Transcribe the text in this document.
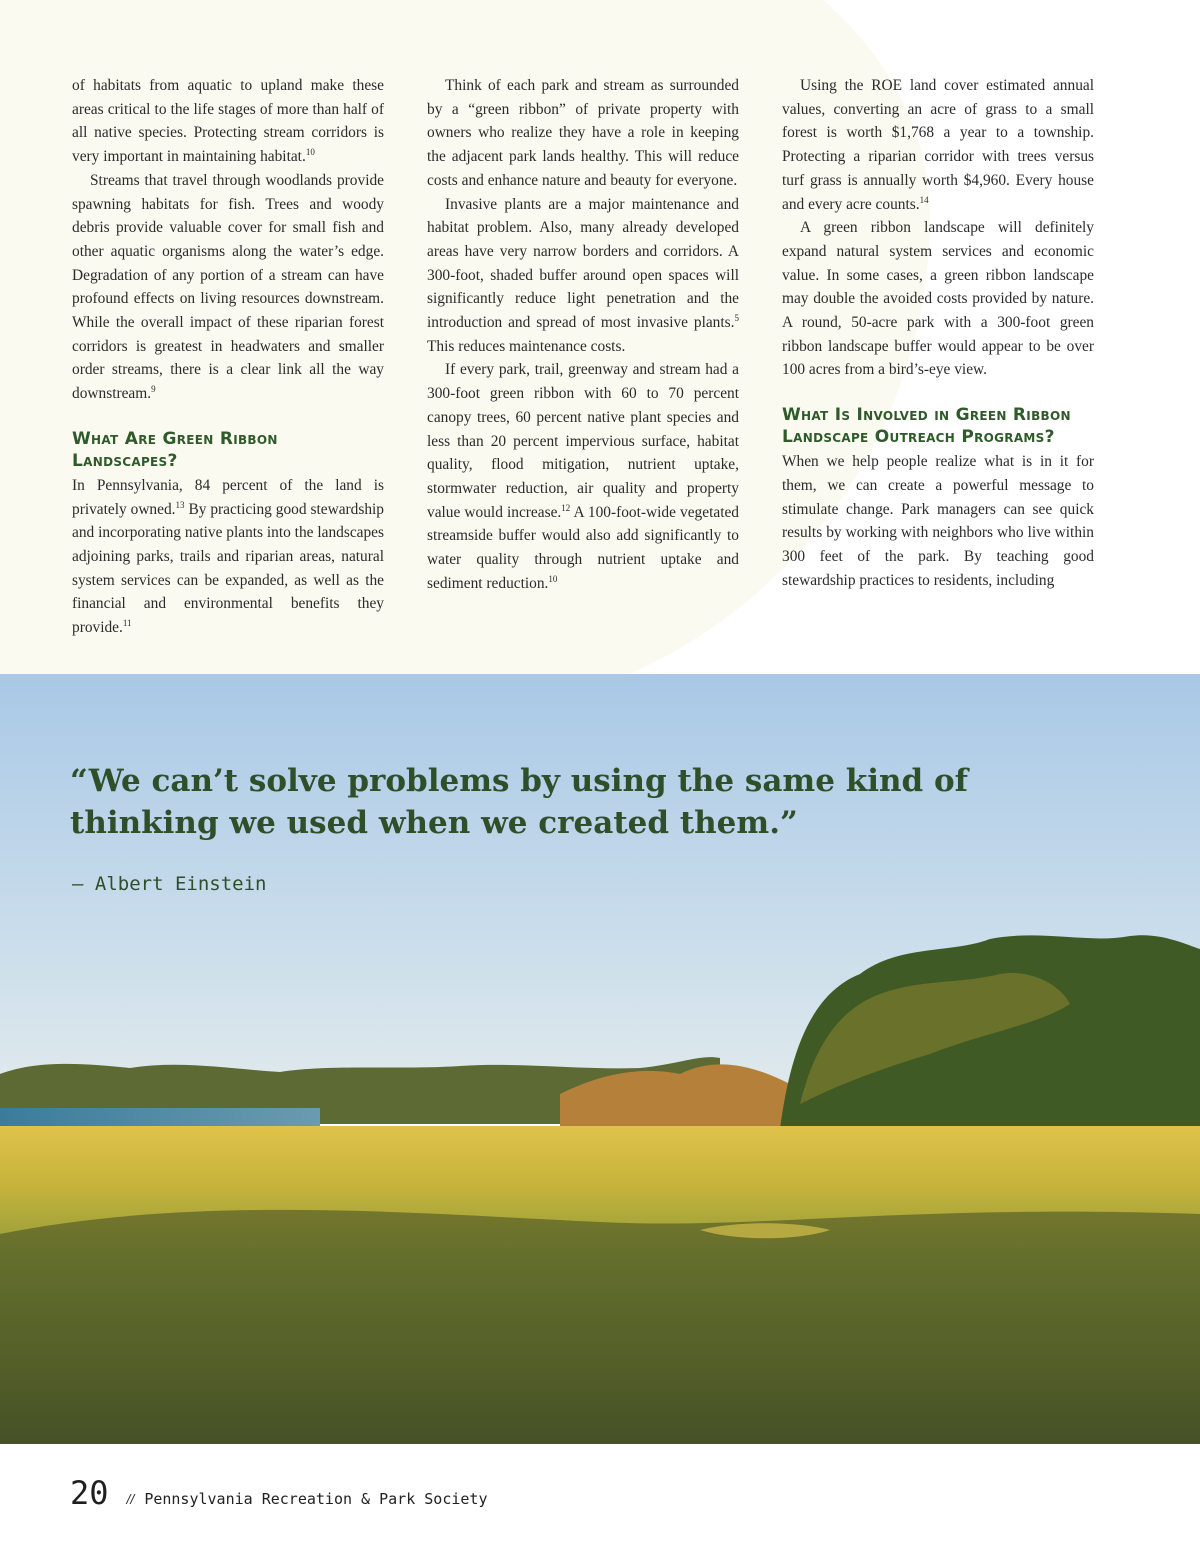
of habitats from aquatic to upland make these areas critical to the life stages of more than half of all native species. Protecting stream corridors is very important in maintaining habitat.$^{10}$

Streams that travel through woodlands provide spawning habitats for fish. Trees and woody debris provide valuable cover for small fish and other aquatic organisms along the water’s edge. Degradation of any portion of a stream can have profound effects on living resources downstream. While the overall impact of these riparian forest corridors is greatest in headwaters and smaller order streams, there is a clear link all the way downstream.$^9$

What Are Green Ribbon Landscapes?

In Pennsylvania, 84 percent of the land is privately owned.$^{13}$ By practicing good stewardship and incorporating native plants into the landscapes adjoining parks, trails and riparian areas, natural system services can be expanded, as well as the financial and environmental benefits they provide.$^{11}$

Think of each park and stream as surrounded by a “green ribbon” of private property with owners who realize they have a role in keeping the adjacent park lands healthy. This will reduce costs and enhance nature and beauty for everyone.

Invasive plants are a major maintenance and habitat problem. Also, many already developed areas have very narrow borders and corridors. A 300-foot, shaded buffer around open spaces will significantly reduce light penetration and the introduction and spread of most invasive plants.$^5$ This reduces maintenance costs.

If every park, trail, greenway and stream had a 300-foot green ribbon with 60 to 70 percent canopy trees, 60 percent native plant species and less than 20 percent impervious surface, habitat quality, flood mitigation, nutrient uptake, stormwater reduction, air quality and property value would increase.$^{12}$ A 100-foot-wide vegetated streamside buffer would also add significantly to water quality through nutrient uptake and sediment reduction.$^{10}$

Using the ROE land cover estimated annual values, converting an acre of grass to a small forest is worth $1,768 a year to a township. Protecting a riparian corridor with trees versus turf grass is annually worth $4,960. Every house and every acre counts.$^{14}$

A green ribbon landscape will definitely expand natural system services and economic value. In some cases, a green ribbon landscape may double the avoided costs provided by nature. A round, 50-acre park with a 300-foot green ribbon landscape buffer would appear to be over 100 acres from a bird’s-eye view.

What Is Involved in Green Ribbon Landscape Outreach Programs?

When we help people realize what is in it for them, we can create a powerful message to stimulate change. Park managers can see quick results by working with neighbors who live within 300 feet of the park. By teaching good stewardship practices to residents, including

“We can’t solve problems by using the same kind of thinking we used when we created them.”
– Albert Einstein
20 // Pennsylvania Recreation & Park Society
